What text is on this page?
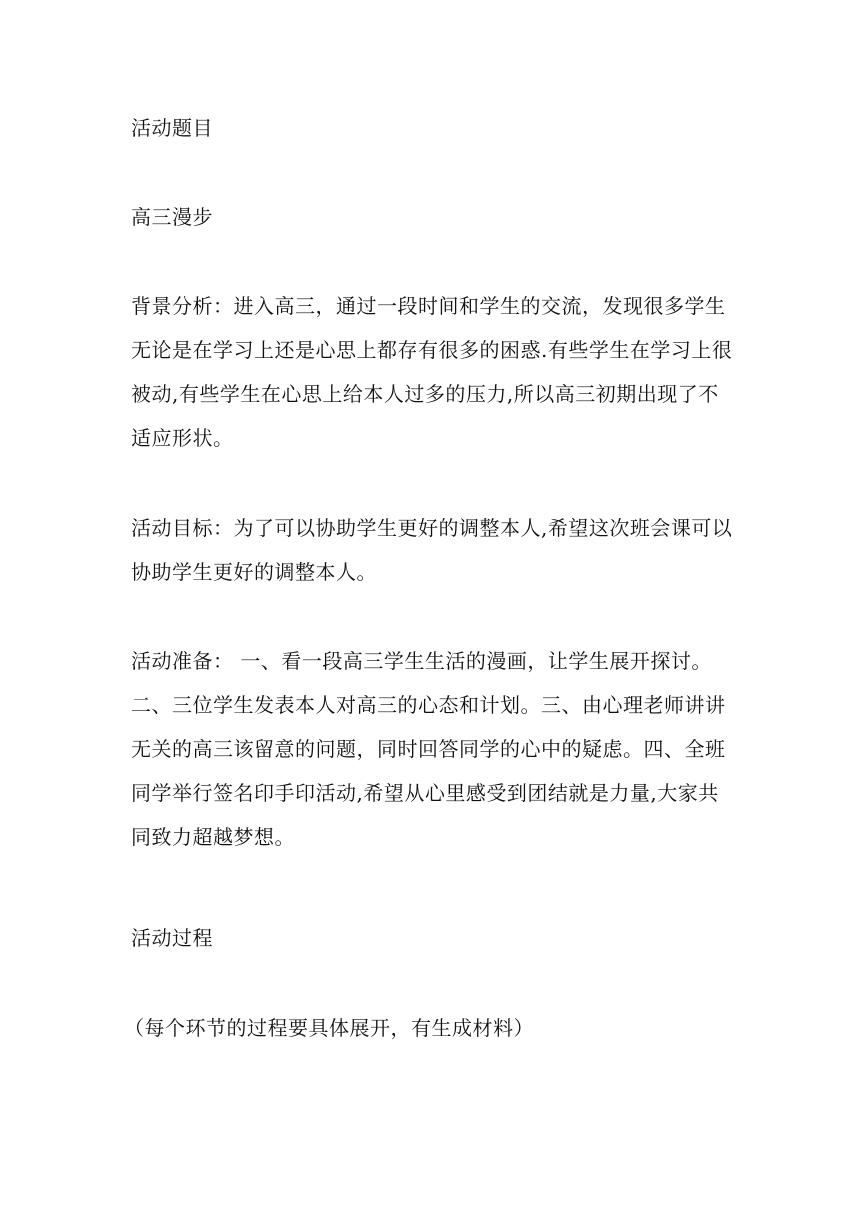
活动题目

高三漫步

背景分析：进入高三，通过一段时间和学生的交流，发现很多学生无论是在学习上还是心思上都存有很多的困惑.有些学生在学习上很被动,有些学生在心思上给本人过多的压力,所以高三初期出现了不适应形状。

活动目标：为了可以协助学生更好的调整本人,希望这次班会课可以协助学生更好的调整本人。

活动准备： 一、看一段高三学生生活的漫画，让学生展开探讨。二、三位学生发表本人对高三的心态和计划。三、由心理老师讲讲无关的高三该留意的问题，同时回答同学的心中的疑虑。四、全班同学举行签名印手印活动,希望从心里感受到团结就是力量,大家共同致力超越梦想。

活动过程

（每个环节的过程要具体展开，有生成材料）
